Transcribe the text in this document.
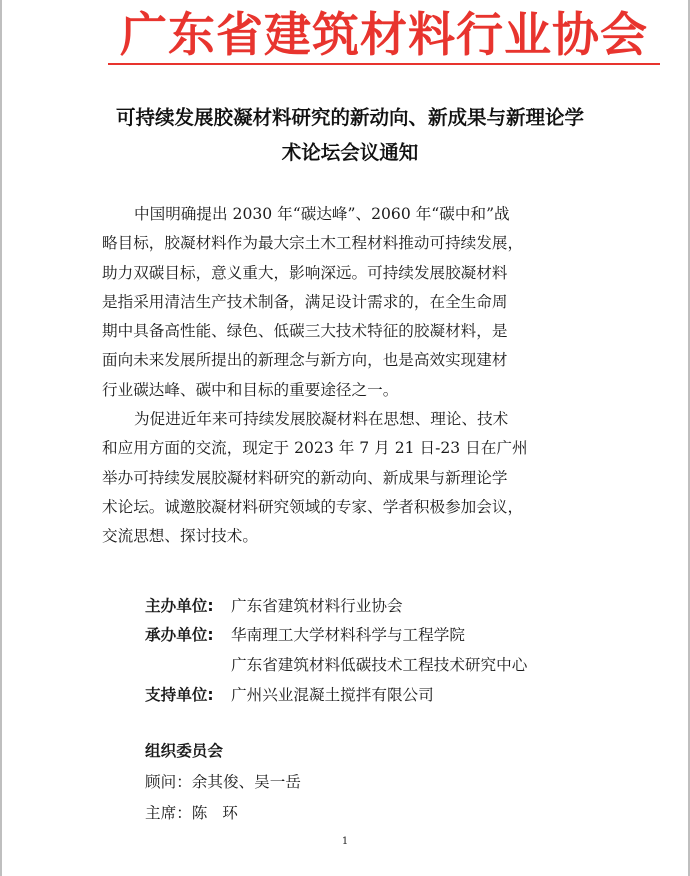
广东省建筑材料行业协会
可持续发展胶凝材料研究的新动向、新成果与新理论学
术论坛会议通知
中国明确提出 2030 年“碳达峰”、2060 年“碳中和”战
略目标，胶凝材料作为最大宗土木工程材料推动可持续发展，
助力双碳目标，意义重大，影响深远。可持续发展胶凝材料
是指采用清洁生产技术制备，满足设计需求的，在全生命周
期中具备高性能、绿色、低碳三大技术特征的胶凝材料，是
面向未来发展所提出的新理念与新方向，也是高效实现建材
行业碳达峰、碳中和目标的重要途径之一。
为促进近年来可持续发展胶凝材料在思想、理论、技术
和应用方面的交流，现定于 2023 年 7 月 21 日-23 日在广州
举办可持续发展胶凝材料研究的新动向、新成果与新理论学
术论坛。诚邀胶凝材料研究领域的专家、学者积极参加会议，
交流思想、探讨技术。
主办单位:	广东省建筑材料行业协会
承办单位:	华南理工大学材料科学与工程学院
广东省建筑材料低碳技术工程技术研究中心
支持单位:	广州兴业混凝土搅拌有限公司
组织委员会
顾问：余其俊、吴一岳
主席：陈   环
1
